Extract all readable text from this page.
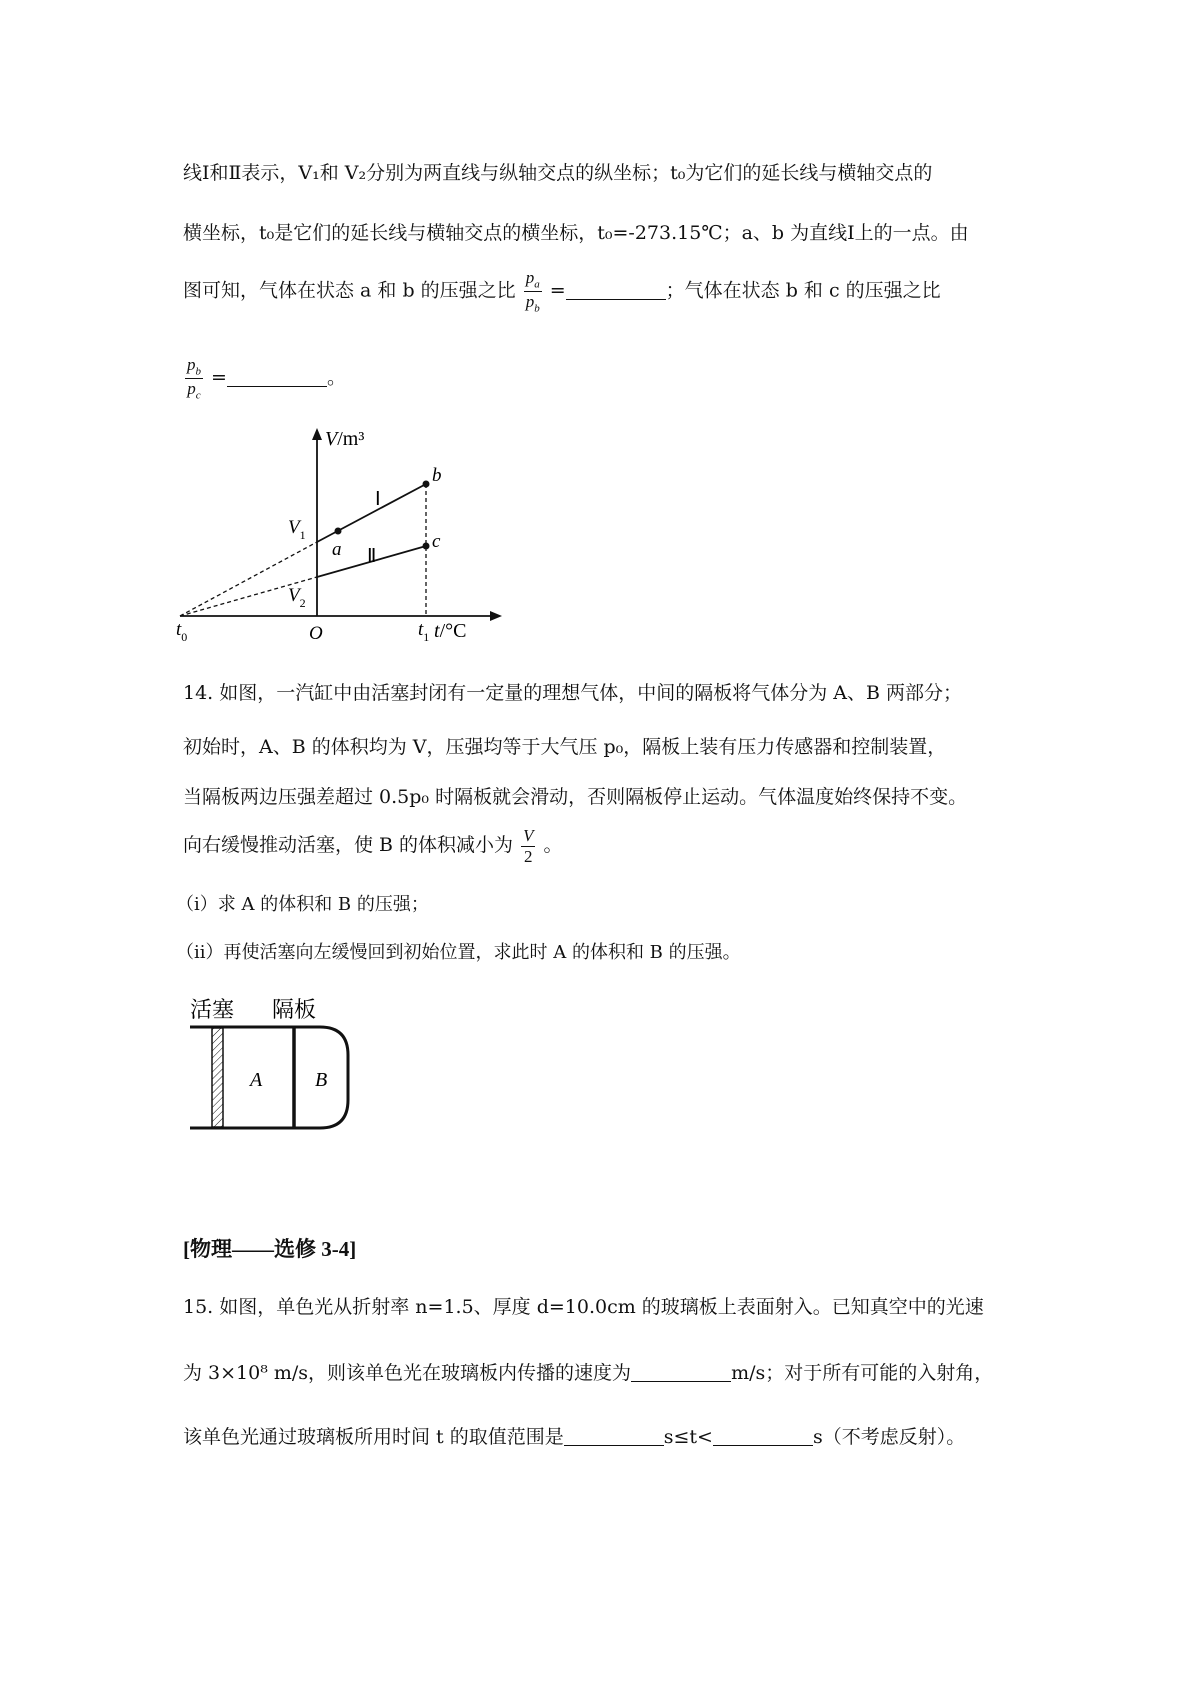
线Ⅰ和Ⅱ表示，V₁和 V₂分别为两直线与纵轴交点的纵坐标；t₀为它们的延长线与横轴交点的
横坐标，t₀是它们的延长线与横轴交点的横坐标，t₀=-273.15℃；a、b 为直线Ⅰ上的一点。由
图可知，气体在状态 a 和 b 的压强之比 $\frac{p_a}{p_b}$ =	；气体在状态 b 和 c 的压强之比
$\frac{p_b}{p_c}$ =	。
V/m³
t/°C
O
$t_0$	$t_1$
$V_1$
$V_2$
a
b
c
Ⅰ
Ⅱ
14. 如图，一汽缸中由活塞封闭有一定量的理想气体，中间的隔板将气体分为 A、B 两部分；
初始时，A、B 的体积均为 V，压强均等于大气压 p₀，隔板上装有压力传感器和控制装置，
当隔板两边压强差超过 0.5p₀ 时隔板就会滑动，否则隔板停止运动。气体温度始终保持不变。
向右缓慢推动活塞，使 B 的体积减小为 $\frac{V}{2}$ 。
（i）求 A 的体积和 B 的压强；
（ii）再使活塞向左缓慢回到初始位置，求此时 A 的体积和 B 的压强。
活塞 隔板
A	B
[物理——选修 3-4]
15. 如图，单色光从折射率 n=1.5、厚度 d=10.0cm 的玻璃板上表面射入。已知真空中的光速
为 3×10⁸ m/s，则该单色光在玻璃板内传播的速度为	m/s；对于所有可能的入射角，
该单色光通过玻璃板所用时间 t 的取值范围是	s≤t<	s（不考虑反射）。
